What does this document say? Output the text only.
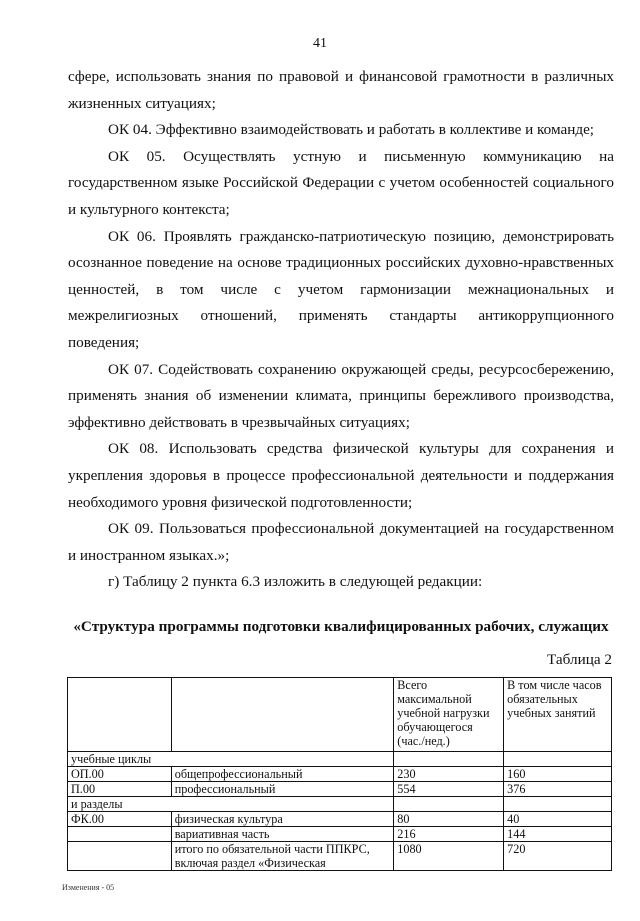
41

сфере, использовать знания по правовой и финансовой грамотности в различных жизненных ситуациях;

ОК 04. Эффективно взаимодействовать и работать в коллективе и команде;

ОК 05. Осуществлять устную и письменную коммуникацию на государственном языке Российской Федерации с учетом особенностей социального и культурного контекста;

ОК 06. Проявлять гражданско-патриотическую позицию, демонстрировать осознанное поведение на основе традиционных российских духовно-нравственных ценностей, в том числе с учетом гармонизации межнациональных и межрелигиозных отношений, применять стандарты антикоррупционного поведения;

ОК 07. Содействовать сохранению окружающей среды, ресурсосбережению, применять знания об изменении климата, принципы бережливого производства, эффективно действовать в чрезвычайных ситуациях;

ОК 08. Использовать средства физической культуры для сохранения и укрепления здоровья в процессе профессиональной деятельности и поддержания необходимого уровня физической подготовленности;

ОК 09. Пользоваться профессиональной документацией на государственном и иностранном языках.»;

г) Таблицу 2 пункта 6.3 изложить в следующей редакции:

«Структура программы подготовки квалифицированных рабочих, служащих
Таблица 2
		Всего максимальной учебной нагрузки обучающегося (час./нед.)	В том числе часов обязательных учебных занятий
учебные циклы			
ОП.00	общепрофессиональный	230	160
П.00	профессиональный	554	376
и разделы			
ФК.00	физическая культура	80	40
	вариативная часть	216	144
	итого по обязательной части ППКРС, включая раздел «Физическая	1080	720
Изменения - 05
